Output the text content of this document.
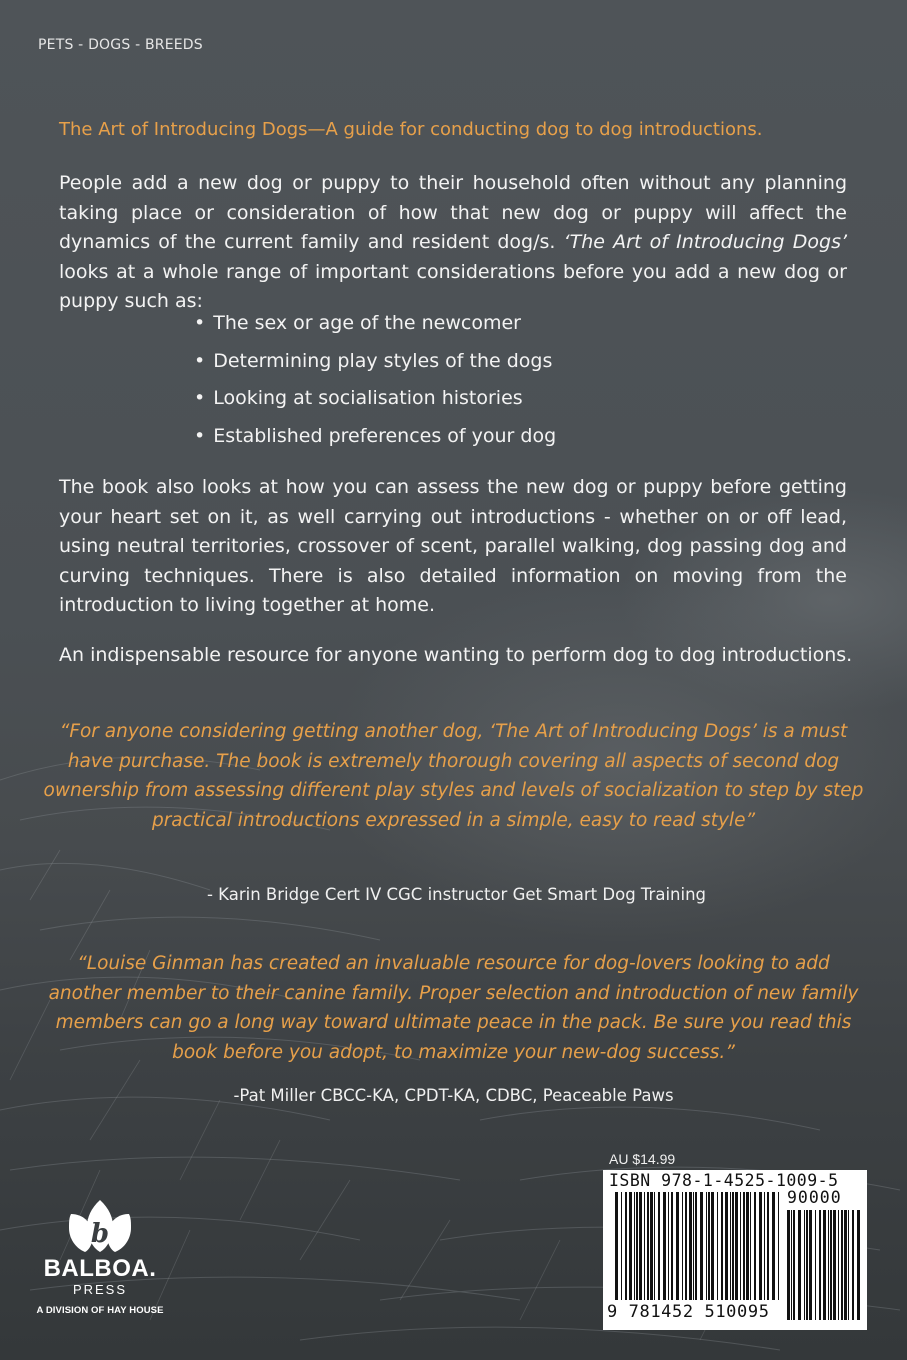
PETS - DOGS - BREEDS
The Art of Introducing Dogs—A guide for conducting dog to dog introductions.

People add a new dog or puppy to their household often without any planning taking place or consideration of how that new dog or puppy will affect the dynamics of the current family and resident dog/s. ‘The Art of Introducing Dogs’ looks at a whole range of important considerations before you add a new dog or puppy such as:

• The sex or age of the newcomer
• Determining play styles of the dogs
• Looking at socialisation histories
• Established preferences of your dog

The book also looks at how you can assess the new dog or puppy before getting your heart set on it, as well carrying out introductions - whether on or off lead, using neutral territories, crossover of scent, parallel walking, dog passing dog and curving techniques. There is also detailed information on moving from the introduction to living together at home.

An indispensable resource for anyone wanting to perform dog to dog introductions.

“For anyone considering getting another dog, ‘The Art of Introducing Dogs’ is a must have purchase. The book is extremely thorough covering all aspects of second dog ownership from assessing different play styles and levels of socialization to step by step practical introductions expressed in a simple, easy to read style”

- Karin Bridge Cert IV CGC instructor Get Smart Dog Training

“Louise Ginman has created an invaluable resource for dog-lovers looking to add another member to their canine family. Proper selection and introduction of new family members can go a long way toward ultimate peace in the pack. Be sure you read this book before you adopt, to maximize your new-dog success.”

-Pat Miller CBCC-KA, CPDT-KA, CDBC, Peaceable Paws
b
BALBOA.
PRESS
A DIVISION OF HAY HOUSE
AU $14.99
ISBN 978-1-4525-1009-5
90000
9 781452 510095
